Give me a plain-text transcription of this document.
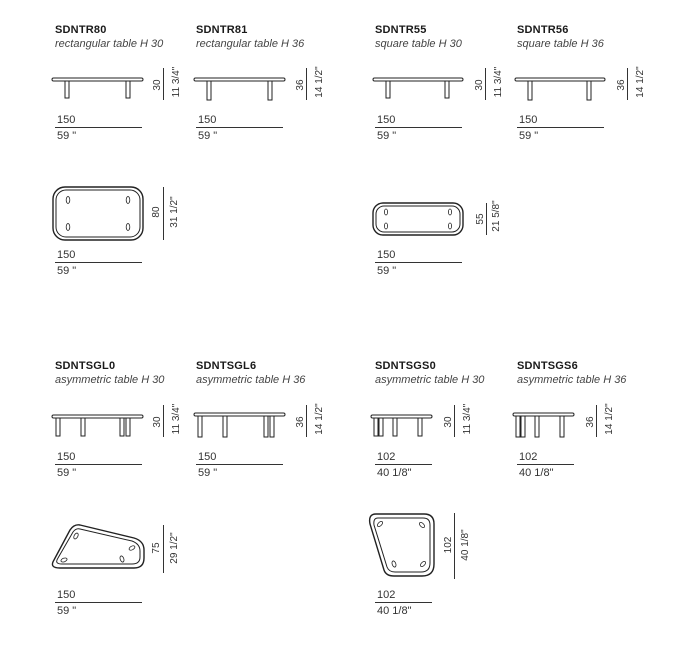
SDNTR80
rectangular table H 30
SDNTR81
rectangular table H 36
SDNTR55
square table H 30
SDNTR56
square table H 36
30 11 3/4"	36 14 1/2"	30 11 3/4"	36 14 1/2"
150
59 "
150
59 "
150
59 "
150
59 "
80 31 1/2"
150
59 "
55 21 5/8"
150
59 "
SDNTSGL0
asymmetric table H 30
SDNTSGL6
asymmetric table H 36
SDNTSGS0
asymmetric table H 30
SDNTSGS6
asymmetric table H 36
30 11 3/4"	36 14 1/2"	30 11 3/4"	36 14 1/2"
150
59 "
150
59 "
102
40 1/8"
102
40 1/8"
75 29 1/2"
150
59 "
102 40 1/8"
102
40 1/8"
